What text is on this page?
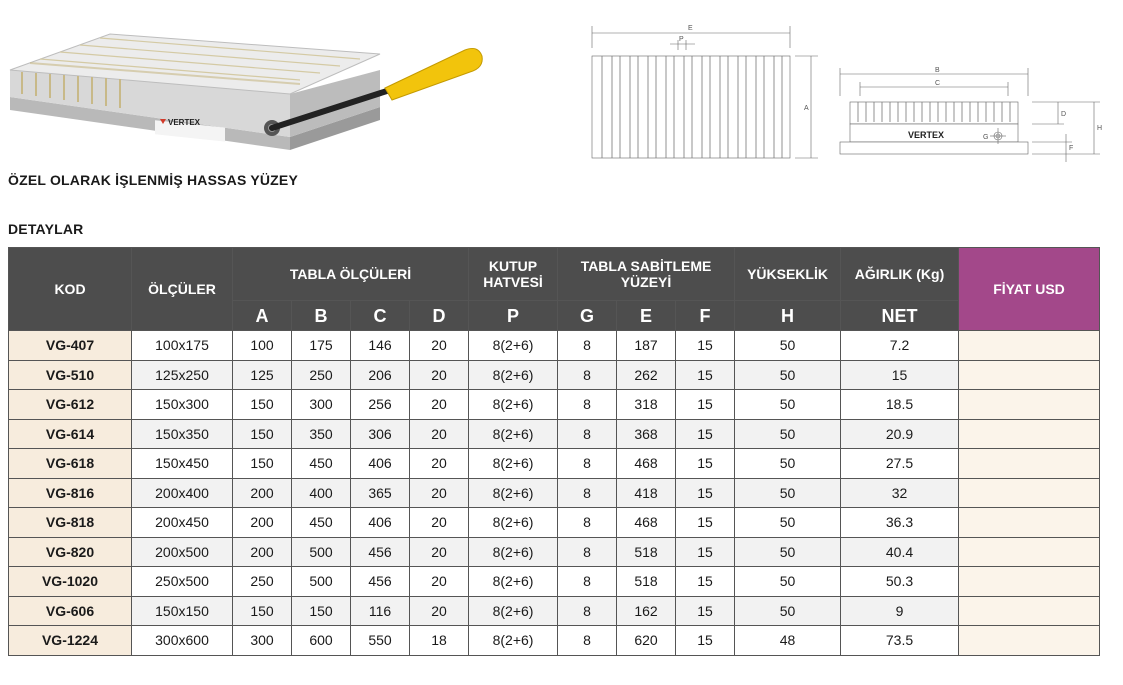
VERTEX
E
P
A
B
C
D
H
G
F
VERTEX
ÖZEL OLARAK İŞLENMİŞ HASSAS YÜZEY
DETAYLAR
KOD	ÖLÇÜLER	TABLA ÖLÇÜLERİ				KUTUP HATVESİ	TABLA SABİTLEME YÜZEYİ			YÜKSEKLİK	AĞIRLIK (Kg)	FİYAT USD
		A	B	C	D	P	G	E	F	H	NET	
VG-407	100x175	100	175	146	20	8(2+6)	8	187	15	50	7.2	
VG-510	125x250	125	250	206	20	8(2+6)	8	262	15	50	15	
VG-612	150x300	150	300	256	20	8(2+6)	8	318	15	50	18.5	
VG-614	150x350	150	350	306	20	8(2+6)	8	368	15	50	20.9	
VG-618	150x450	150	450	406	20	8(2+6)	8	468	15	50	27.5	
VG-816	200x400	200	400	365	20	8(2+6)	8	418	15	50	32	
VG-818	200x450	200	450	406	20	8(2+6)	8	468	15	50	36.3	
VG-820	200x500	200	500	456	20	8(2+6)	8	518	15	50	40.4	
VG-1020	250x500	250	500	456	20	8(2+6)	8	518	15	50	50.3	
VG-606	150x150	150	150	116	20	8(2+6)	8	162	15	50	9	
VG-1224	300x600	300	600	550	18	8(2+6)	8	620	15	48	73.5	
